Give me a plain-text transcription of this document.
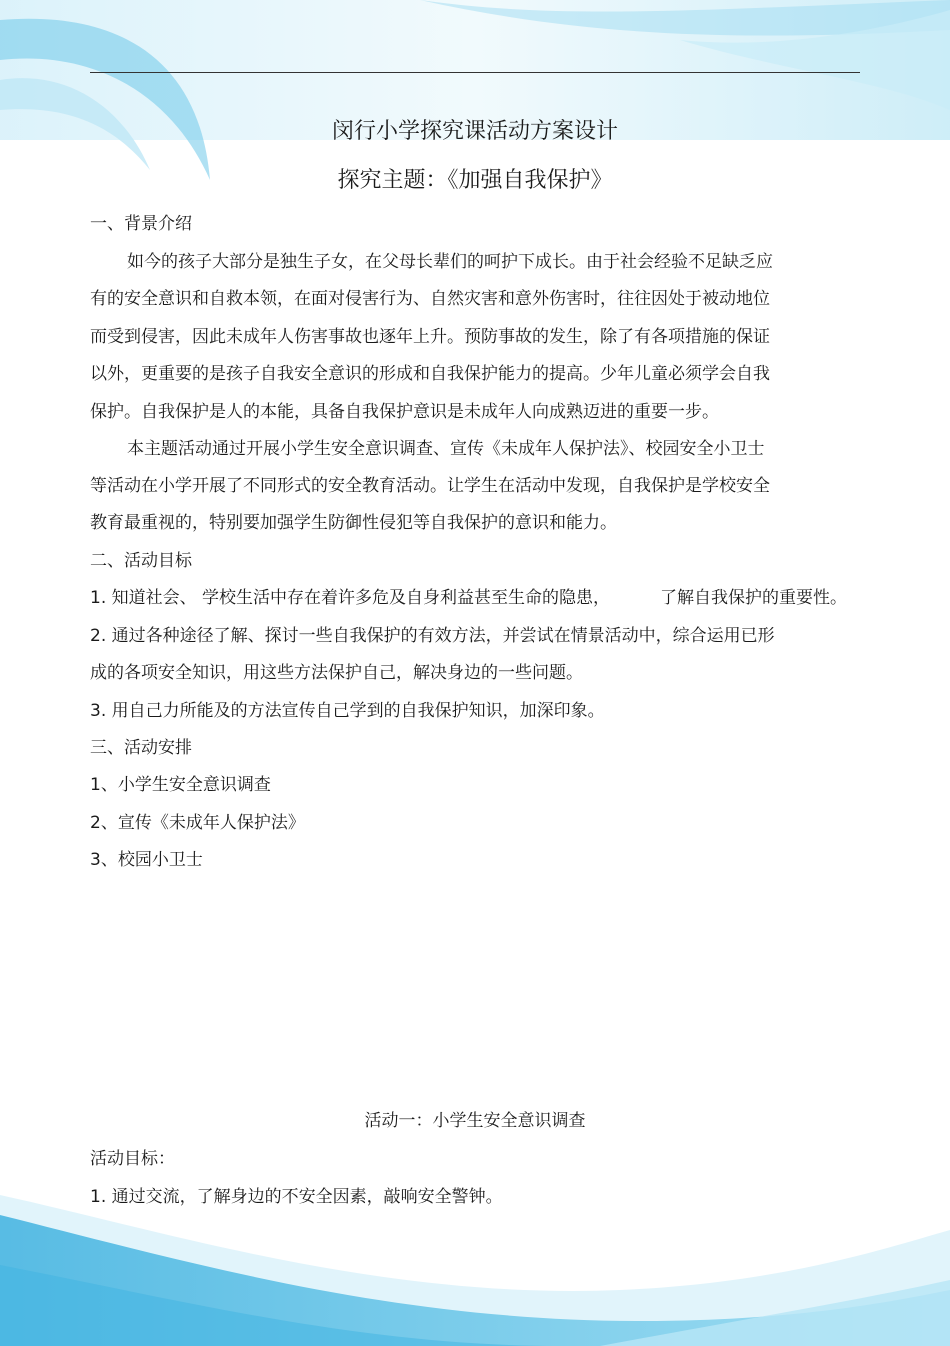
闵行小学探究课活动方案设计
探究主题：《加强自我保护》
一、背景介绍
如今的孩子大部分是独生子女，在父母长辈们的呵护下成长。由于社会经验不足缺乏应
有的安全意识和自救本领，在面对侵害行为、自然灾害和意外伤害时，往往因处于被动地位
而受到侵害，因此未成年人伤害事故也逐年上升。预防事故的发生，除了有各项措施的保证
以外，更重要的是孩子自我安全意识的形成和自我保护能力的提高。少年儿童必须学会自我
保护。自我保护是人的本能，具备自我保护意识是未成年人向成熟迈进的重要一步。
本主题活动通过开展小学生安全意识调查、宣传《未成年人保护法》、校园安全小卫士
等活动在小学开展了不同形式的安全教育活动。让学生在活动中发现，自我保护是学校安全
教育最重视的，特别要加强学生防御性侵犯等自我保护的意识和能力。
二、活动目标
1. 知道社会、 学校生活中存在着许多危及自身利益甚至生命的隐患，	了解自我保护的重要性。
2. 通过各种途径了解、探讨一些自我保护的有效方法，并尝试在情景活动中，综合运用已形
成的各项安全知识，用这些方法保护自己，解决身边的一些问题。
3. 用自己力所能及的方法宣传自己学到的自我保护知识，加深印象。
三、活动安排
1、小学生安全意识调查
2、宣传《未成年人保护法》
3、校园小卫士
活动一：小学生安全意识调查
活动目标：
1. 通过交流，了解身边的不安全因素，敲响安全警钟。
